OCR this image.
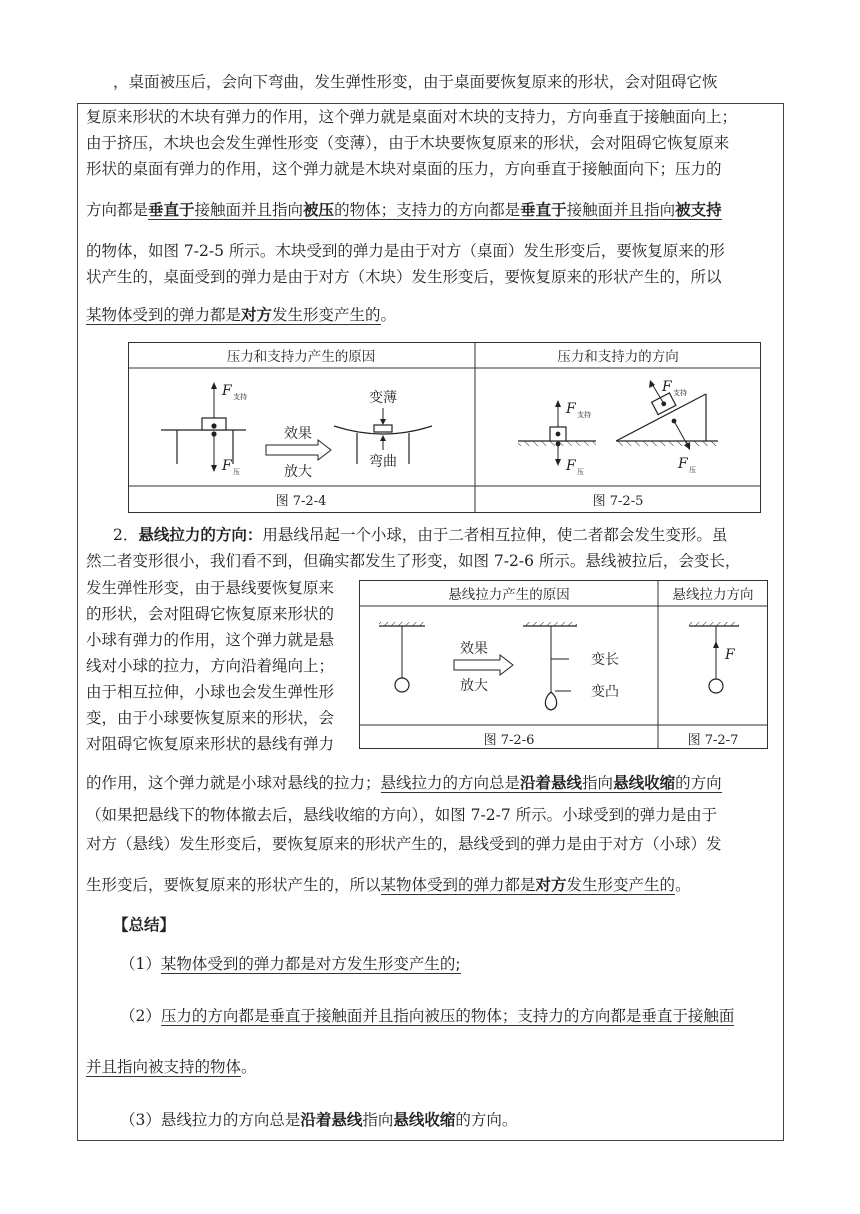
，桌面被压后，会向下弯曲，发生弹性形变，由于桌面要恢复原来的形状，会对阻碍它恢
复原来形状的木块有弹力的作用，这个弹力就是桌面对木块的支持力，方向垂直于接触面向上；
由于挤压，木块也会发生弹性形变（变薄），由于木块要恢复原来的形状，会对阻碍它恢复原来
形状的桌面有弹力的作用，这个弹力就是木块对桌面的压力，方向垂直于接触面向下；压力的
方向都是垂直于接触面并且指向被压的物体；支持力的方向都是垂直于接触面并且指向被支持
的物体，如图 7-2-5 所示。木块受到的弹力是由于对方（桌面）发生形变后，要恢复原来的形
状产生的，桌面受到的弹力是由于对方（木块）发生形变后，要恢复原来的形状产生的，所以
某物体受到的弹力都是对方发生形变产生的。
压力和支持力产生的原因	压力和支持力的方向
图 7-2-4	图 7-2-5
F 支持
F 压
效果
放大
变薄
弯曲
F 支持
F 压
F 支持
F 压
2．悬线拉力的方向：用悬线吊起一个小球，由于二者相互拉伸，使二者都会发生变形。虽
然二者变形很小，我们看不到，但确实都发生了形变，如图 7-2-6 所示。悬线被拉后，会变长，
发生弹性形变，由于悬线要恢复原来
的形状，会对阻碍它恢复原来形状的
小球有弹力的作用，这个弹力就是悬
线对小球的拉力，方向沿着绳向上；
由于相互拉伸，小球也会发生弹性形
变，由于小球要恢复原来的形状，会
对阻碍它恢复原来形状的悬线有弹力
悬线拉力产生的原因	悬线拉力方向
图 7-2-6	图 7-2-7
效果
放大
变长
变凸
F
的作用，这个弹力就是小球对悬线的拉力；悬线拉力的方向总是沿着悬线指向悬线收缩的方向
（如果把悬线下的物体撤去后，悬线收缩的方向），如图 7-2-7 所示。小球受到的弹力是由于
对方（悬线）发生形变后，要恢复原来的形状产生的，悬线受到的弹力是由于对方（小球）发
生形变后，要恢复原来的形状产生的，所以某物体受到的弹力都是对方发生形变产生的。
【总结】
（1）某物体受到的弹力都是对方发生形变产生的;
（2）压力的方向都是垂直于接触面并且指向被压的物体；支持力的方向都是垂直于接触面
并且指向被支持的物体。
（3）悬线拉力的方向总是沿着悬线指向悬线收缩的方向。
